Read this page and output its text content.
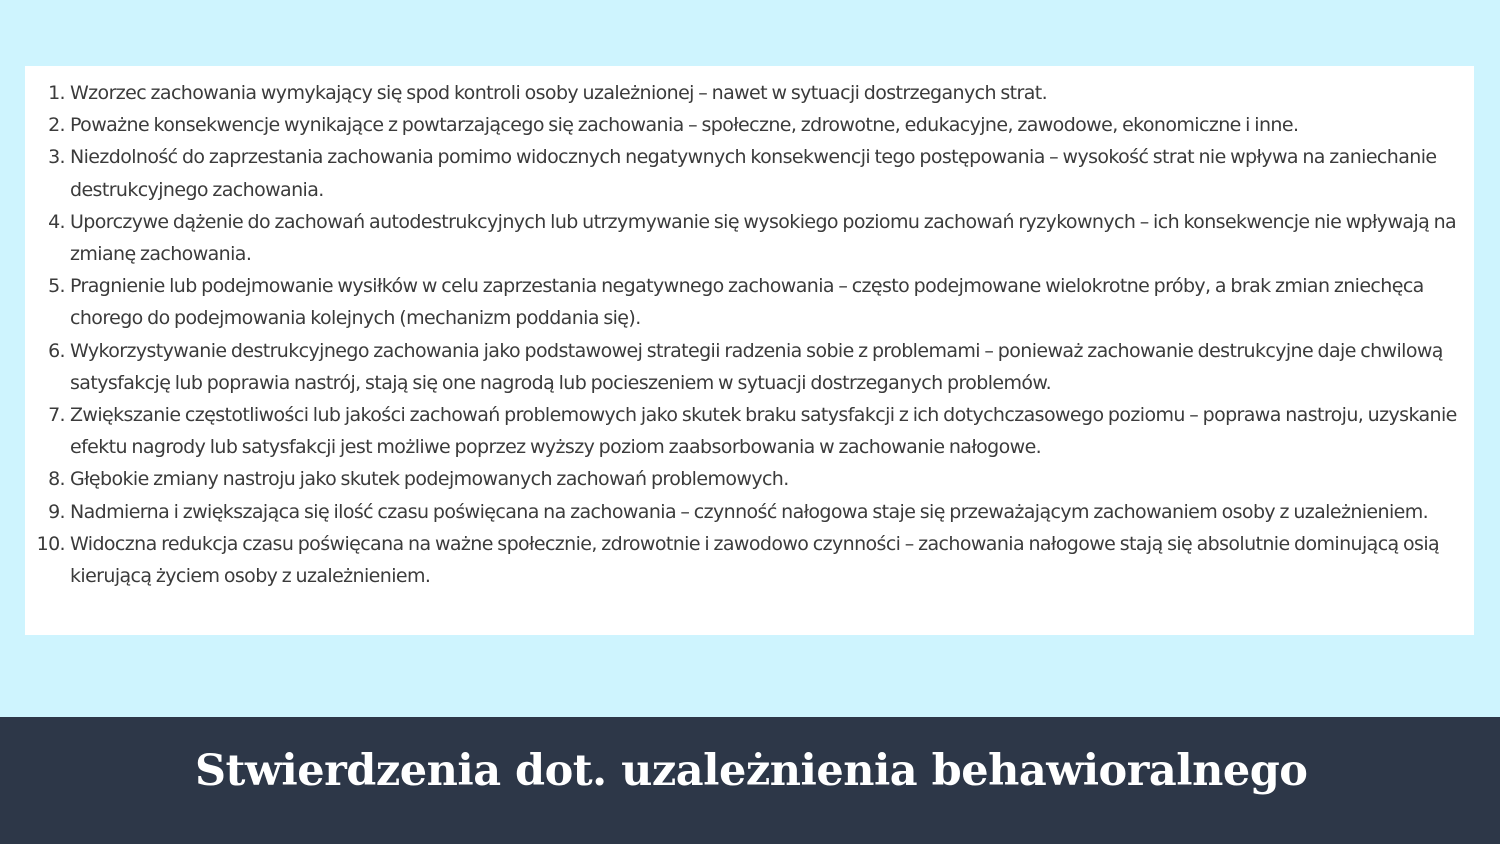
1. Wzorzec zachowania wymykający się spod kontroli osoby uzależnionej – nawet w sytuacji dostrzeganych strat.
2. Poważne konsekwencje wynikające z powtarzającego się zachowania – społeczne, zdrowotne, edukacyjne, zawodowe, ekonomiczne i inne.
3. Niezdolność do zaprzestania zachowania pomimo widocznych negatywnych konsekwencji tego postępowania – wysokość strat nie wpływa na zaniechanie destrukcyjnego zachowania.
4. Uporczywe dążenie do zachowań autodestrukcyjnych lub utrzymywanie się wysokiego poziomu zachowań ryzykownych – ich konsekwencje nie wpływają na zmianę zachowania.
5. Pragnienie lub podejmowanie wysiłków w celu zaprzestania negatywnego zachowania – często podejmowane wielokrotne próby, a brak zmian zniechęca chorego do podejmowania kolejnych (mechanizm poddania się).
6. Wykorzystywanie destrukcyjnego zachowania jako podstawowej strategii radzenia sobie z problemami – ponieważ zachowanie destrukcyjne daje chwilową satysfakcję lub poprawia nastrój, stają się one nagrodą lub pocieszeniem w sytuacji dostrzeganych problemów.
7. Zwiększanie częstotliwości lub jakości zachowań problemowych jako skutek braku satysfakcji z ich dotychczasowego poziomu – poprawa nastroju, uzyskanie efektu nagrody lub satysfakcji jest możliwe poprzez wyższy poziom zaabsorbowania w zachowanie nałogowe.
8. Głębokie zmiany nastroju jako skutek podejmowanych zachowań problemowych.
9. Nadmierna i zwiększająca się ilość czasu poświęcana na zachowania – czynność nałogowa staje się przeważającym zachowaniem osoby z uzależnieniem.
10. Widoczna redukcja czasu poświęcana na ważne społecznie, zdrowotnie i zawodowo czynności – zachowania nałogowe stają się absolutnie dominującą osią kierującą życiem osoby z uzależnieniem.
Stwierdzenia dot. uzależnienia behawioralnego
